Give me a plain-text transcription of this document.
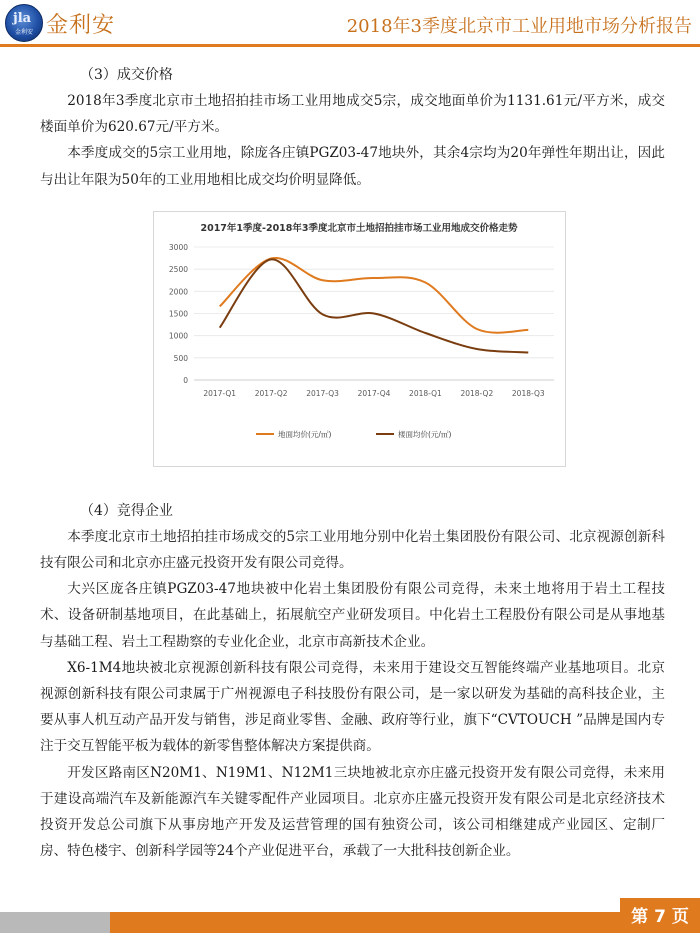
jla
金利安 金利安	2018年3季度北京市工业用地市场分析报告

（3）成交价格

2018年3季度北京市土地招拍挂市场工业用地成交5宗，成交地面单价为1131.61元/平方米，成交楼面单价为620.67元/平方米。

本季度成交的5宗工业用地，除庞各庄镇PGZ03-47地块外，其余4宗均为20年弹性年期出让，因此与出让年限为50年的工业用地相比成交均价明显降低。

（4）竞得企业

本季度北京市土地招拍挂市场成交的5宗工业用地分别中化岩土集团股份有限公司、北京视源创新科技有限公司和北京亦庄盛元投资开发有限公司竞得。

大兴区庞各庄镇PGZ03-47地块被中化岩土集团股份有限公司竞得，未来土地将用于岩土工程技术、设备研制基地项目，在此基础上，拓展航空产业研发项目。中化岩土工程股份有限公司是从事地基与基础工程、岩土工程勘察的专业化企业，北京市高新技术企业。

X6-1M4地块被北京视源创新科技有限公司竞得，未来用于建设交互智能终端产业基地项目。北京视源创新科技有限公司隶属于广州视源电子科技股份有限公司，是一家以研发为基础的高科技企业，主要从事人机互动产品开发与销售，涉足商业零售、金融、政府等行业，旗下“CVTOUCH ”品牌是国内专注于交互智能平板为载体的新零售整体解决方案提供商。

开发区路南区N20M1、N19M1、N12M1三块地被北京亦庄盛元投资开发有限公司竞得，未来用于建设高端汽车及新能源汽车关键零配件产业园项目。北京亦庄盛元投资开发有限公司是北京经济技术投资开发总公司旗下从事房地产开发及运营管理的国有独资公司，该公司相继建成产业园区、定制厂房、特色楼宇、创新科学园等24个产业促进平台，承载了一大批科技创新企业。

2017年1季度-2018年3季度北京市土地招拍挂市场工业用地成交价格走势
0
500
1000
1500
2000
2500
3000
2017-Q1 2017-Q2 2017-Q3 2017-Q4 2018-Q1 2018-Q2 2018-Q3
地面均价(元/㎡)	楼面均价(元/㎡)
第 7 页
